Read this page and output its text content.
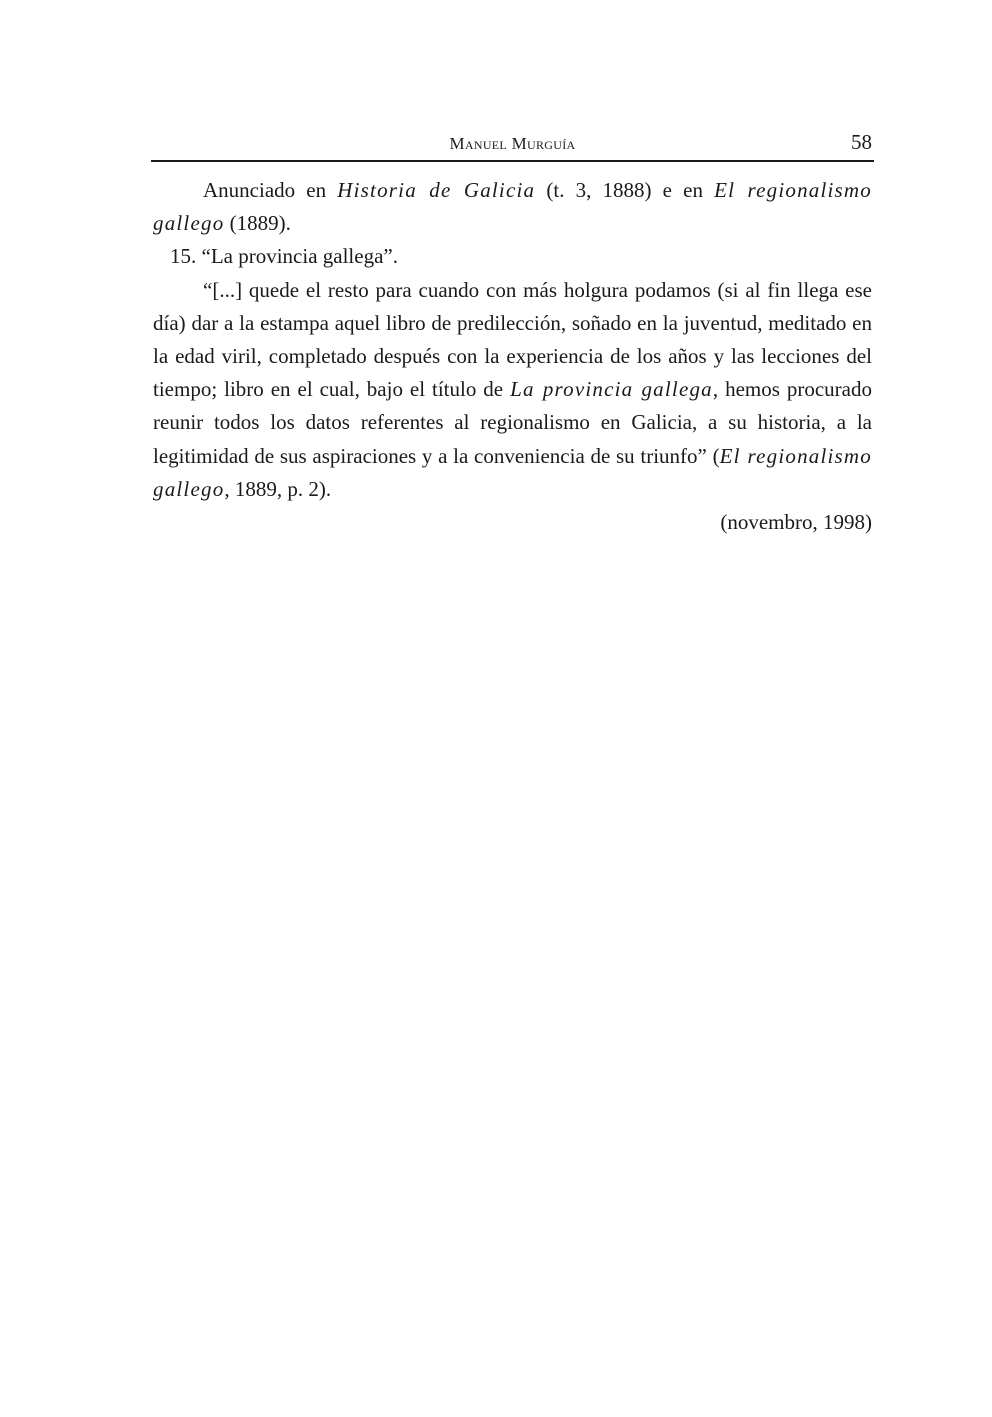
Manuel Murguía	58

Anunciado en Historia de Galicia (t. 3, 1888) e en El regionalismo gallego (1889).

15. “La provincia gallega”.

“[...] quede el resto para cuando con más holgura podamos (si al fin llega ese día) dar a la estampa aquel libro de predilección, soñado en la juventud, meditado en la edad viril, completado después con la experiencia de los años y las lecciones del tiempo; libro en el cual, bajo el título de La provincia gallega, hemos procurado reunir todos los datos referentes al regionalismo en Galicia, a su historia, a la legitimidad de sus aspiraciones y a la conveniencia de su triunfo” (El regionalismo gallego, 1889, p. 2).

(novembro, 1998)
